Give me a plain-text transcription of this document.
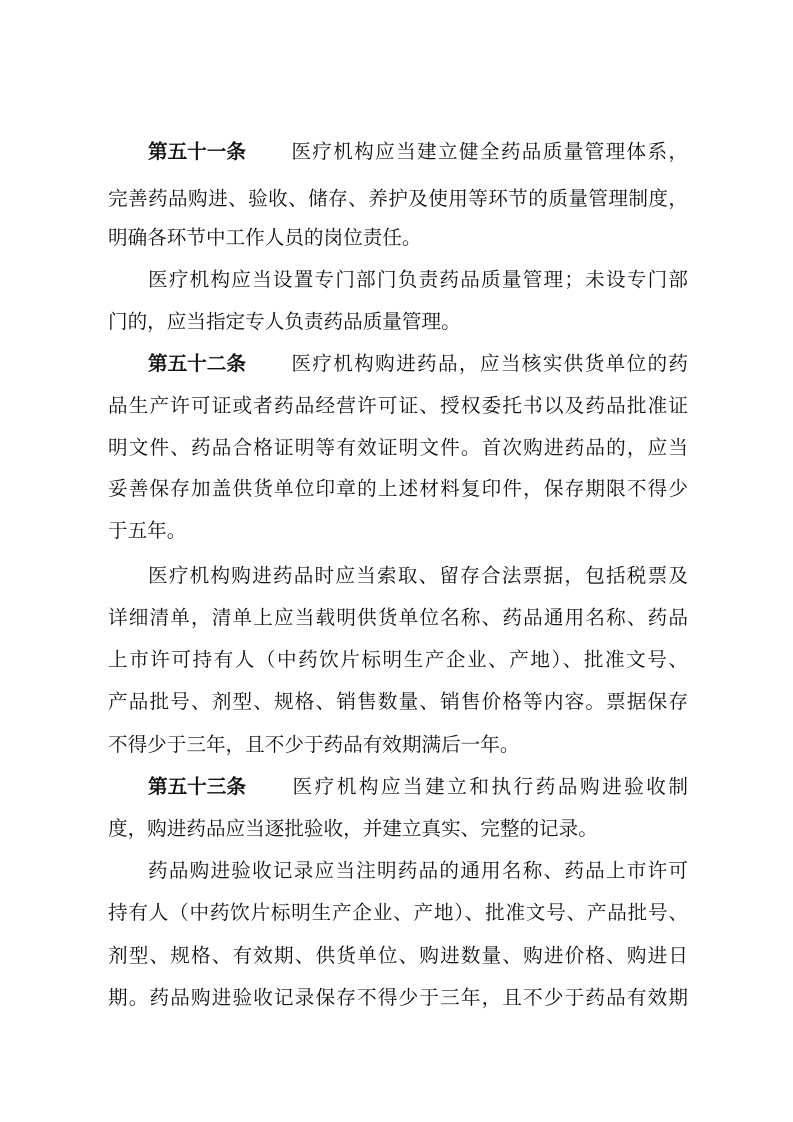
第五十一条 医疗机构应当建立健全药品质量管理体系，
完善药品购进、验收、储存、养护及使用等环节的质量管理制度，
明确各环节中工作人员的岗位责任。
医疗机构应当设置专门部门负责药品质量管理；未设专门部
门的，应当指定专人负责药品质量管理。
第五十二条 医疗机构购进药品，应当核实供货单位的药
品生产许可证或者药品经营许可证、授权委托书以及药品批准证
明文件、药品合格证明等有效证明文件。首次购进药品的，应当
妥善保存加盖供货单位印章的上述材料复印件，保存期限不得少
于五年。
医疗机构购进药品时应当索取、留存合法票据，包括税票及
详细清单，清单上应当载明供货单位名称、药品通用名称、药品
上市许可持有人（中药饮片标明生产企业、产地）、批准文号、
产品批号、剂型、规格、销售数量、销售价格等内容。票据保存
不得少于三年，且不少于药品有效期满后一年。
第五十三条 医疗机构应当建立和执行药品购进验收制
度，购进药品应当逐批验收，并建立真实、完整的记录。
药品购进验收记录应当注明药品的通用名称、药品上市许可
持有人（中药饮片标明生产企业、产地）、批准文号、产品批号、
剂型、规格、有效期、供货单位、购进数量、购进价格、购进日
期。药品购进验收记录保存不得少于三年，且不少于药品有效期
